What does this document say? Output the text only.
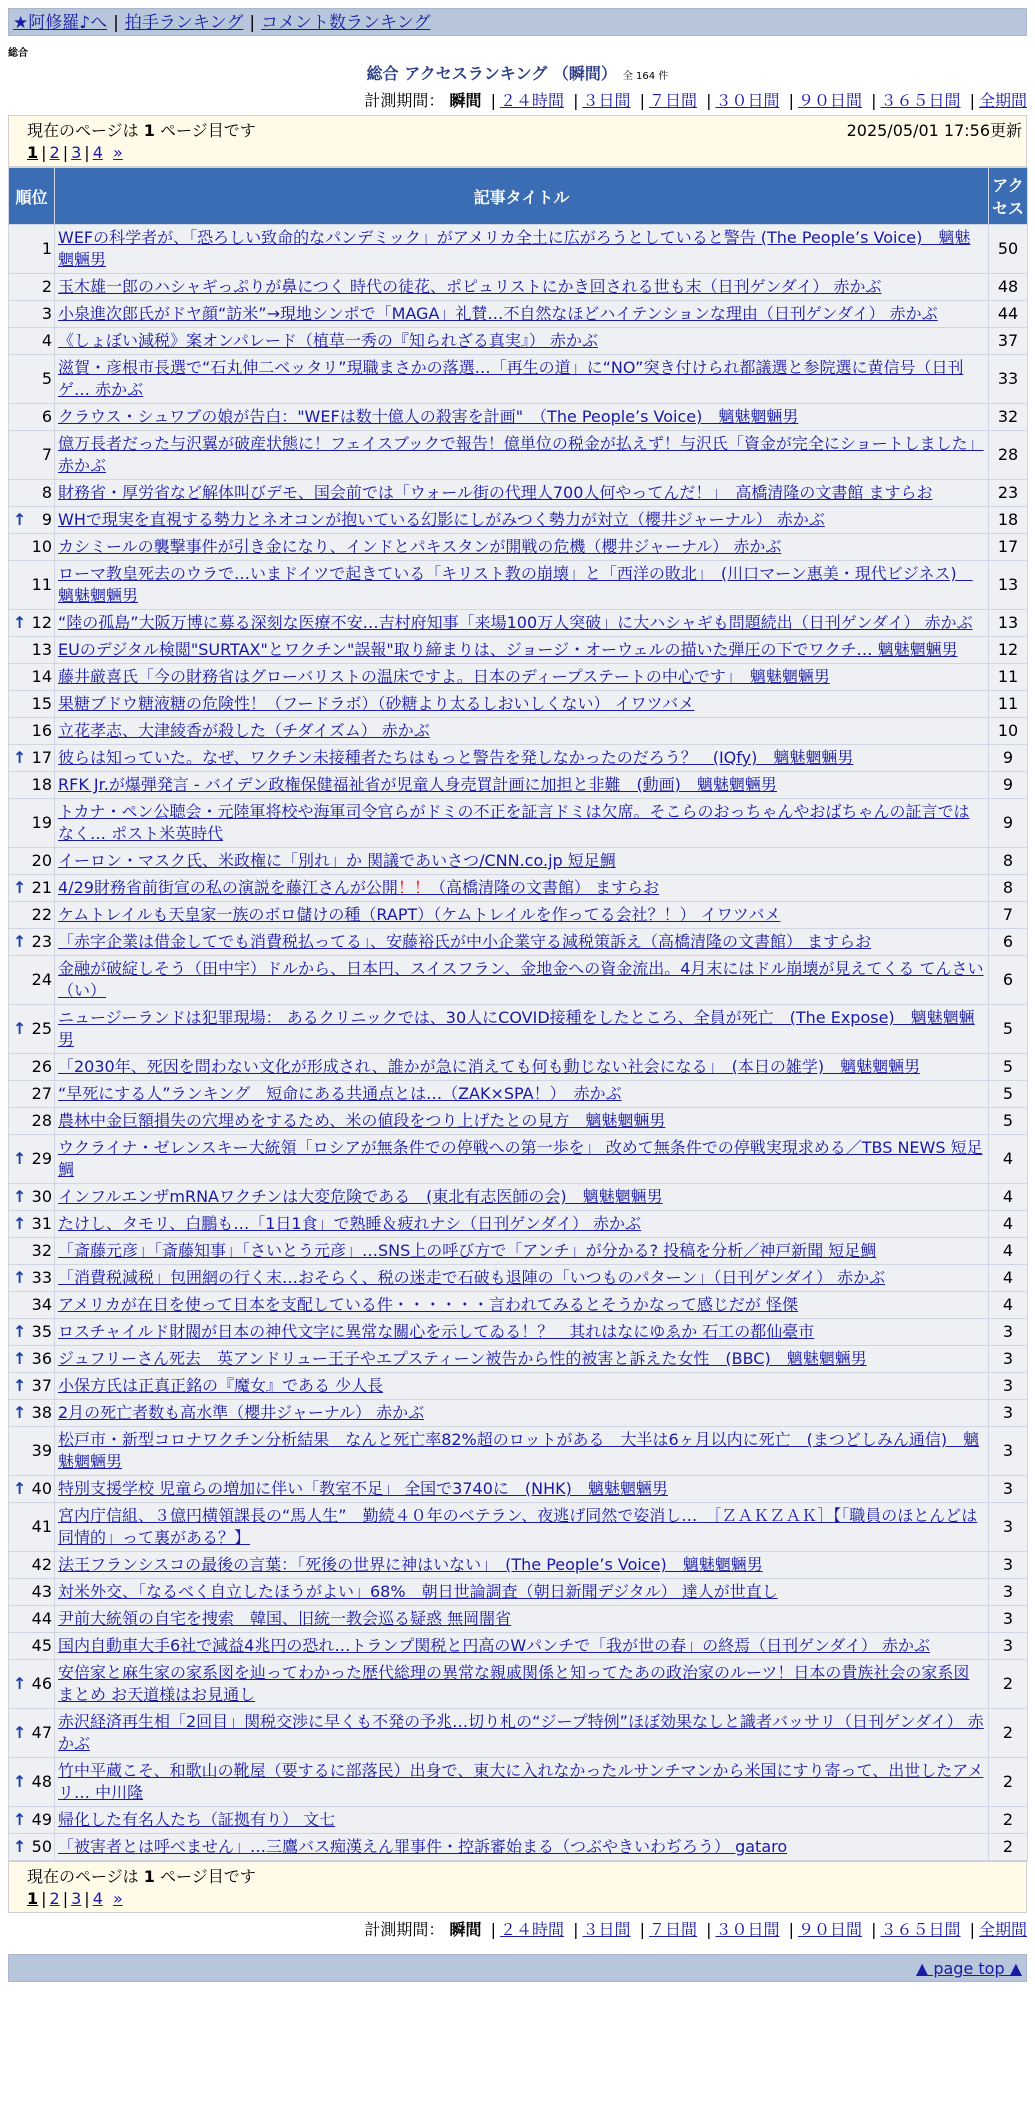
★阿修羅♪へ | 拍手ランキング | コメント数ランキング
総合
総合 アクセスランキング （瞬間） 全 164 件
計測期間： 瞬間 | ２４時間 | ３日間 | ７日間 | ３０日間 | ９０日間 | ３６５日間 | 全期間
現在のページは 1 ページ目です	2025/05/01 17:56更新
1 | 2 | 3 | 4 »
順位	記事タイトル	アクセス
1	WEFの科学者が、「恐ろしい致命的なパンデミック」がアメリカ全土に広がろうとしていると警告 (The People’s Voice)　魑魅魍魎男	50
2	玉木雄一郎のハシャギっぷりが鼻につく 時代の徒花、ポピュリストにかき回される世も末（日刊ゲンダイ） 赤かぶ	48
3	小泉進次郎氏がドヤ顔“訪米”→現地シンポで「MAGA」礼賛…不自然なほどハイテンションな理由（日刊ゲンダイ） 赤かぶ	44
4	《しょぼい減税》案オンパレード（植草一秀の『知られざる真実』） 赤かぶ	37
5	滋賀・彦根市長選で“石丸伸二ベッタリ”現職まさかの落選…「再生の道」に“NO”突き付けられ都議選と参院選に黄信号（日刊ゲ… 赤かぶ	33
6	クラウス・シュワブの娘が告白："WEFは数十億人の殺害を計画"　（The People’s Voice)　魑魅魍魎男	32
7	億万長者だった与沢翼が破産状態に！フェイスブックで報告！億単位の税金が払えず！与沢氏「資金が完全にショートしました」 赤かぶ	28
8	財務省・厚労省など解体叫びデモ、国会前では「ウォール街の代理人700人何やってんだ！」　高橋清隆の文書館 ますらお	23

↑ 9	WHで現実を直視する勢力とネオコンが抱いている幻影にしがみつく勢力が対立（櫻井ジャーナル） 赤かぶ	18
10	カシミールの襲撃事件が引き金になり、インドとパキスタンが開戦の危機（櫻井ジャーナル） 赤かぶ	17
11	ローマ教皇死去のウラで…いまドイツで起きている「キリスト教の崩壊」と「西洋の敗北」　(川口マーン惠美・現代ビジネス)　魑魅魍魎男	13

↑ 12	“陸の孤島”大阪万博に募る深刻な医療不安…吉村府知事「来場100万人突破」に大ハシャギも問題続出（日刊ゲンダイ） 赤かぶ	13
13	EUのデジタル検閲"SURTAX"とワクチン"誤報"取り締まりは、ジョージ・オーウェルの描いた弾圧の下でワクチ… 魑魅魍魎男	12
14	藤井厳喜氏「今の財務省はグローバリストの温床ですよ。日本のディープステートの中心です」　魑魅魍魎男	11
15	果糖ブドウ糖液糖の危険性！（フードラボ）（砂糖より太るしおいしくない） イワツバメ	11
16	立花孝志、大津綾香が殺した（チダイズム） 赤かぶ	10

↑ 17	彼らは知っていた。なぜ、ワクチン未接種者たちはもっと警告を発しなかったのだろう？　(IQfy)　魑魅魍魎男	9
18	RFK Jr.が爆弾発言 - バイデン政権保健福祉省が児童人身売買計画に加担と非難　(動画)　魑魅魍魎男	9
19	トカナ・ペン公聴会・元陸軍将校や海軍司令官らがドミの不正を証言ドミは欠席。そこらのおっちゃんやおばちゃんの証言ではなく… ポスト米英時代	9
20	イーロン・マスク氏、米政権に「別れ」か 関議であいさつ/CNN.co.jp 短足鯛	8

↑ 21	4/29財務省前街宣の私の演説を藤江さんが公開！！（高橋清隆の文書館） ますらお	8
22	ケムトレイルも天皇家一族のボロ儲けの種（RAPT）（ケムトレイルを作ってる会社？！） イワツバメ	7

↑ 23	「赤字企業は借金してでも消費税払ってる」、安藤裕氏が中小企業守る減税策訴え（高橋清隆の文書館） ますらお	6
24	金融が破綻しそう（田中宇）ドルから、日本円、スイスフラン、金地金への資金流出。4月末にはドル崩壊が見えてくる てんさい（い）	6

↑ 25	ニュージーランドは犯罪現場： あるクリニックでは、30人にCOVID接種をしたところ、全員が死亡　(The Expose)　魑魅魍魎男	5
26	「2030年、死因を問わない文化が形成され、誰かが急に消えても何も動じない社会になる」　(本日の雑学)　魑魅魍魎男	5
27	“早死にする人”ランキング　短命にある共通点とは…（ZAK×SPA！）　赤かぶ	5
28	農林中金巨額損失の穴埋めをするため、米の値段をつり上げたとの見方　魑魅魍魎男	5

↑ 29	ウクライナ・ゼレンスキー大統領「ロシアが無条件での停戦への第一歩を」 改めて無条件での停戦実現求める／TBS NEWS 短足鯛	4

↑ 30	インフルエンザmRNAワクチンは大変危険である　(東北有志医師の会)　魑魅魍魎男	4

↑ 31	たけし、タモリ、白鵬も…「1日1食」で熟睡＆疲れナシ（日刊ゲンダイ） 赤かぶ	4
32	「斎藤元彦」「斎藤知事」「さいとう元彦」…SNS上の呼び方で「アンチ」が分かる? 投稿を分析／神戸新聞 短足鯛	4

↑ 33	「消費税減税」包囲網の行く末…おそらく、税の迷走で石破も退陣の「いつものパターン」（日刊ゲンダイ） 赤かぶ	4
34	アメリカが在日を使って日本を支配している件・・・・・・言われてみるとそうかなって感じだが 怪傑	4

↑ 35	ロスチャイルド財閥が日本の神代文字に異常な關心を示してゐる！？　其れはなにゆゑか 石工の都仙臺市	3

↑ 36	ジュフリーさん死去　英アンドリュー王子やエプスティーン被告から性的被害と訴えた女性　(BBC)　魑魅魍魎男	3

↑ 37	小保方氏は正真正銘の『魔女』である 少人長	3

↑ 38	2月の死亡者数も高水準（櫻井ジャーナル） 赤かぶ	3
39	松戸市・新型コロナワクチン分析結果　なんと死亡率82%超のロットがある　大半は6ヶ月以内に死亡　(まつどしみん通信)　魑魅魍魎男	3

↑ 40	特別支援学校 児童らの増加に伴い「教室不足」 全国で3740に　(NHK)　魑魅魍魎男	3
41	宮内庁信組、３億円横領課長の“馬人生”　勤続４０年のベテラン、夜逃げ同然で姿消し…　［ＺＡＫＺＡＫ］【「職員のほとんどは同情的」って裏がある？】	3
42	法王フランシスコの最後の言葉：「死後の世界に神はいない」　(The People’s Voice)　魑魅魍魎男	3
43	対米外交、「なるべく自立したほうがよい」68%　朝日世論調査（朝日新聞デジタル） 達人が世直し	3
44	尹前大統領の自宅を捜索　韓国、旧統一教会巡る疑惑 無岡闇省	3
45	国内自動車大手6社で減益4兆円の恐れ…トランプ関税と円高のWパンチで「我が世の春」の終焉（日刊ゲンダイ） 赤かぶ	3

↑ 46	安倍家と麻生家の家系図を辿ってわかった歴代総理の異常な親戚関係と知ってたあの政治家のルーツ！日本の貴族社会の家系図まとめ お天道様はお見通し	2

↑ 47	赤沢経済再生相「2回目」関税交渉に早くも不発の予兆…切り札の“ジープ特例”ほぼ効果なしと識者バッサリ（日刊ゲンダイ） 赤かぶ	2

↑ 48	竹中平蔵こそ、和歌山の靴屋（要するに部落民）出身で、東大に入れなかったルサンチマンから米国にすり寄って、出世したアメリ… 中川隆	2

↑ 49	帰化した有名人たち（証拠有り） 文七	2

↑ 50	「被害者とは呼べません」…三鷹バス痴漢えん罪事件・控訴審始まる（つぶやきいわぢろう） gataro	2
現在のページは 1 ページ目です
1 | 2 | 3 | 4 »
計測期間： 瞬間 | ２４時間 | ３日間 | ７日間 | ３０日間 | ９０日間 | ３６５日間 | 全期間
▲ page top ▲
